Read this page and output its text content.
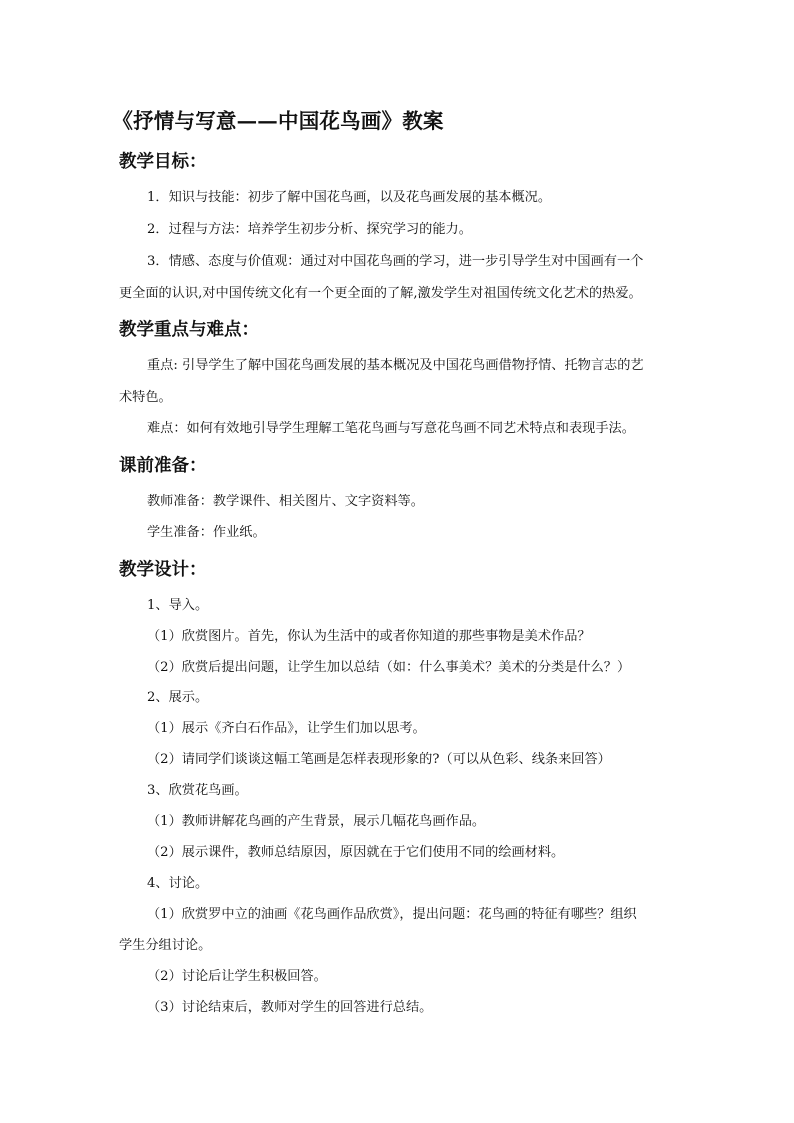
《抒情与写意——中国花鸟画》教案
教学目标：
1．知识与技能：初步了解中国花鸟画，以及花鸟画发展的基本概况。
2．过程与方法：培养学生初步分析、探究学习的能力。
3．情感、态度与价值观：通过对中国花鸟画的学习，进一步引导学生对中国画有一个
更全面的认识,对中国传统文化有一个更全面的了解,激发学生对祖国传统文化艺术的热爱。
教学重点与难点：
重点: 引导学生了解中国花鸟画发展的基本概况及中国花鸟画借物抒情、托物言志的艺
术特色。
难点：如何有效地引导学生理解工笔花鸟画与写意花鸟画不同艺术特点和表现手法。
课前准备：
教师准备：教学课件、相关图片、文字资料等。
学生准备：作业纸。
教学设计：
1、导入。
（1）欣赏图片。首先，你认为生活中的或者你知道的那些事物是美术作品？
（2）欣赏后提出问题，让学生加以总结（如：什么事美术？美术的分类是什么？）
2、展示。
（1）展示《齐白石作品》，让学生们加以思考。
（2）请同学们谈谈这幅工笔画是怎样表现形象的?（可以从色彩、线条来回答）
3、欣赏花鸟画。
（1）教师讲解花鸟画的产生背景，展示几幅花鸟画作品。
（2）展示课件，教师总结原因，原因就在于它们使用不同的绘画材料。
4、讨论。
（1）欣赏罗中立的油画《花鸟画作品欣赏》，提出问题：花鸟画的特征有哪些？组织
学生分组讨论。
（2）讨论后让学生积极回答。
（3）讨论结束后，教师对学生的回答进行总结。
